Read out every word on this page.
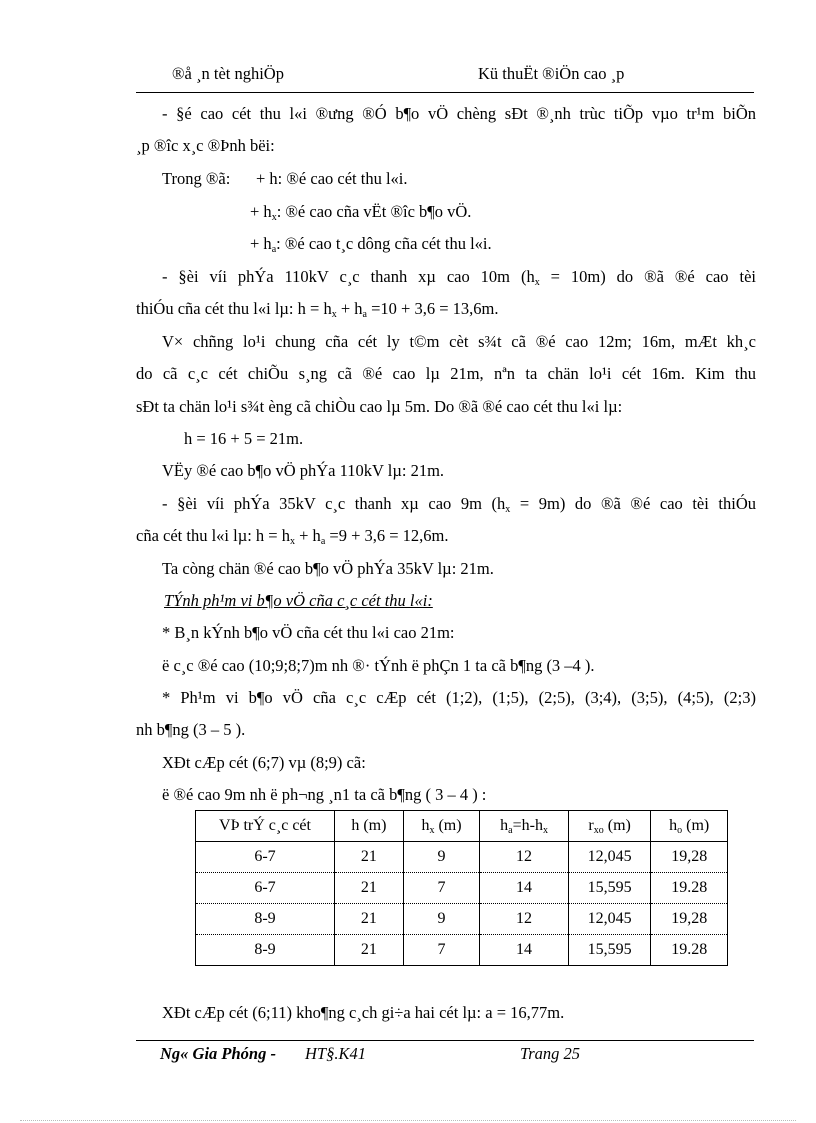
®å ¸n tèt nghiÖp	Kü thuËt ®iÖn cao ¸p
- §é cao cét thu l«i ®ưng ®Ó b¶o vÖ chèng sÐt ®¸nh trùc tiÕp vµo tr¹m biÕn
¸p ®îc x¸c ®Þnh bëi:
Trong ®ã: + h: ®é cao cét thu l«i.
+ $h_x$: ®é cao cña vËt ®îc b¶o vÖ.
+ $h_a$: ®é cao t¸c dông cña cét thu l«i.
- §èi víi phÝa 110kV c¸c thanh xµ cao 10m $(h_x = 10m)$ do ®ã ®é cao tèi
thiÓu cña cét thu l«i lµ: $h = h_x + h_a =10 + 3,6 = 13,6m$.
V× chñng lo¹i chung cña cét ly t©m cèt s¾t cã ®é cao 12m; 16m, mÆt kh¸c
do cã c¸c cét chiÕu s¸ng cã ®é cao lµ 21m, nªn ta chän lo¹i cét 16m. Kim thu
sÐt ta chän lo¹i s¾t èng cã chiÒu cao lµ 5m. Do ®ã ®é cao cét thu l«i lµ:
h = 16 + 5 = 21m.
VËy ®é cao b¶o vÖ phÝa 110kV lµ: 21m.
- §èi víi phÝa 35kV c¸c thanh xµ cao 9m $(h_x = 9m)$ do ®ã ®é cao tèi thiÓu
cña cét thu l«i lµ: $h = h_x + h_a =9 + 3,6 = 12,6m$.
Ta còng chän ®é cao b¶o vÖ phÝa 35kV lµ: 21m.
TÝnh ph¹m vi b¶o vÖ cña c¸c cét thu l«i:
* B¸n kÝnh b¶o vÖ cña cét thu l«i cao 21m:
ë c¸c ®é cao (10;9;8;7)m nh ®· tÝnh ë phÇn 1 ta cã b¶ng (3 –4 ).
* Ph¹m vi b¶o vÖ cña c¸c cÆp cét (1;2), (1;5), (2;5), (3;4), (3;5), (4;5), (2;3)
nh b¶ng (3 – 5 ).
XÐt cÆp cét (6;7) vµ (8;9) cã:
ë ®é cao 9m nh ë ph¬ng ¸n1 ta cã b¶ng ( 3 – 4 ) :
VÞ trÝ c¸c cét	h (m)	$h_x$ (m)	$h_a=h-h_x$	$r_{xo}$ (m)	$h_o$ (m)
6-7	21	9	12	12,045	19,28
6-7	21	7	14	15,595	19.28
8-9	21	9	12	12,045	19,28
8-9	21	7	14	15,595	19.28
XÐt cÆp cét (6;11) kho¶ng c¸ch gi÷a hai cét lµ: a = 16,77m.
Ng« Gia Phóng - HT§.K41	Trang 25
